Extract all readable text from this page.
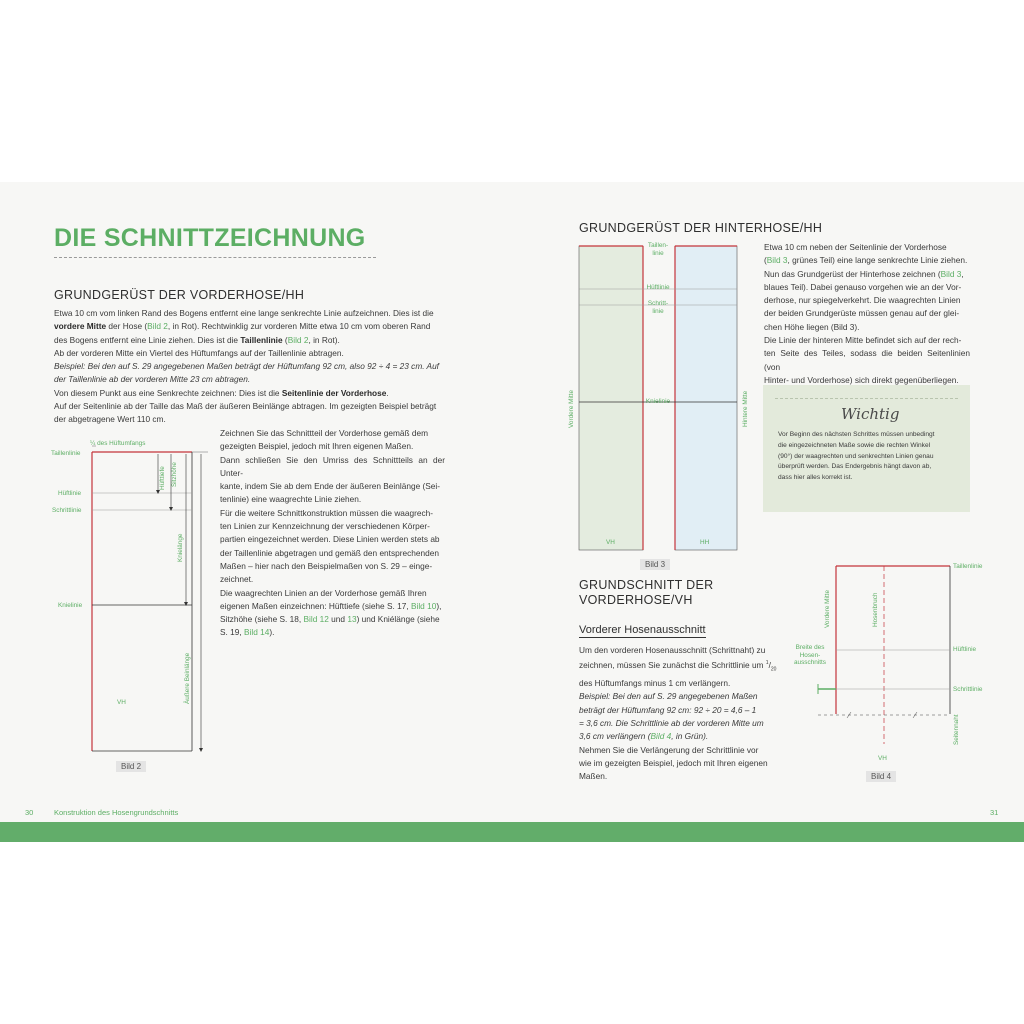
DIE SCHNITTZEICHNUNG
GRUNDGERÜST DER VORDERHOSE/HH
Etwa 10 cm vom linken Rand des Bogens entfernt eine lange senkrechte Linie aufzeichnen. Dies ist die
vordere Mitte der Hose (Bild 2, in Rot). Rechtwinklig zur vorderen Mitte etwa 10 cm vom oberen Rand
des Bogens entfernt eine Linie ziehen. Dies ist die Taillenlinie (Bild 2, in Rot).
Ab der vorderen Mitte ein Viertel des Hüftumfangs auf der Taillenlinie abtragen.
Beispiel: Bei den auf S. 29 angegebenen Maßen beträgt der Hüftumfang 92 cm, also 92 ÷ 4 = 23 cm. Auf
der Taillenlinie ab der vorderen Mitte 23 cm abtragen.
Von diesem Punkt aus eine Senkrechte zeichnen: Dies ist die Seitenlinie der Vorderhose.
Auf der Seitenlinie ab der Taille das Maß der äußeren Beinlänge abtragen. Im gezeigten Beispiel beträgt
der abgetragene Wert 110 cm.
Zeichnen Sie das Schnittteil der Vorderhose gemäß dem
gezeigten Beispiel, jedoch mit Ihren eigenen Maßen.
Dann schließen Sie den Umriss des Schnittteils an der Unter-
kante, indem Sie ab dem Ende der äußeren Beinlänge (Sei-
tenlinie) eine waagrechte Linie ziehen.
Für die weitere Schnittkonstruktion müssen die waagrech-
ten Linien zur Kennzeichnung der verschiedenen Körper-
partien eingezeichnet werden. Diese Linien werden stets ab
der Taillenlinie abgetragen und gemäß den entsprechenden
Maßen – hier nach den Beispielmaßen von S. 29 – einge-
zeichnet.
Die waagrechten Linien an der Vorderhose gemäß Ihren
eigenen Maßen einzeichnen: Hüfttiefe (siehe S. 17, Bild 10),
Sitzhöhe (siehe S. 18, Bild 12 und 13) und Kniélänge (siehe
S. 19, Bild 14).
¼ des Hüftumfangs
Taillenlinie
Hüftlinie
Schrittlinie
Knielinie
VH
Hüfttiefe Sitzhöhe
Knielänge
Äußere Beinlänge
Bild 2
30	Konstruktion des Hosengrundschnitts
GRUNDGERÜST DER HINTERHOSE/HH
Taillen-
linie
Hüftlinie
Schritt-
linie
Knielinie
Vordere Mitte	Hintere Mitte
VH	HH
Bild 3
Etwa 10 cm neben der Seitenlinie der Vorderhose
(Bild 3, grünes Teil) eine lange senkrechte Linie ziehen.
Nun das Grundgerüst der Hinterhose zeichnen (Bild 3,
blaues Teil). Dabei genauso vorgehen wie an der Vor-
derhose, nur spiegelverkehrt. Die waagrechten Linien
der beiden Grundgerüste müssen genau auf der glei-
chen Höhe liegen (Bild 3).
Die Linie der hinteren Mitte befindet sich auf der rech-
ten Seite des Teiles, sodass die beiden Seitenlinien (von
Hinter- und Vorderhose) sich direkt gegenüberliegen.
Wichtig
Vor Beginn des nächsten Schrittes müssen unbedingt
die eingezeichneten Maße sowie die rechten Winkel
(90°) der waagrechten und senkrechten Linien genau
überprüft werden. Das Endergebnis hängt davon ab,
dass hier alles korrekt ist.
GRUNDSCHNITT DER
VORDERHOSE/VH
Vorderer Hosenausschnitt
Um den vorderen Hosenausschnitt (Schrittnaht) zu
zeichnen, müssen Sie zunächst die Schrittlinie um $^1/_{20}$
des Hüftumfangs minus 1 cm verlängern.
Beispiel: Bei den auf S. 29 angegebenen Maßen
beträgt der Hüftumfang 92 cm: 92 ÷ 20 = 4,6 – 1
= 3,6 cm. Die Schrittlinie ab der vorderen Mitte um
3,6 cm verlängern (Bild 4, in Grün).
Nehmen Sie die Verlängerung der Schrittlinie vor
wie im gezeigten Beispiel, jedoch mit Ihren eigenen
Maßen.
Taillenlinie
Hüftlinie
Schrittlinie
Breite des
Hosen-
ausschnitts
Vordere Mitte	Hosenbruch
Seitennaht
VH
Bild 4
31
